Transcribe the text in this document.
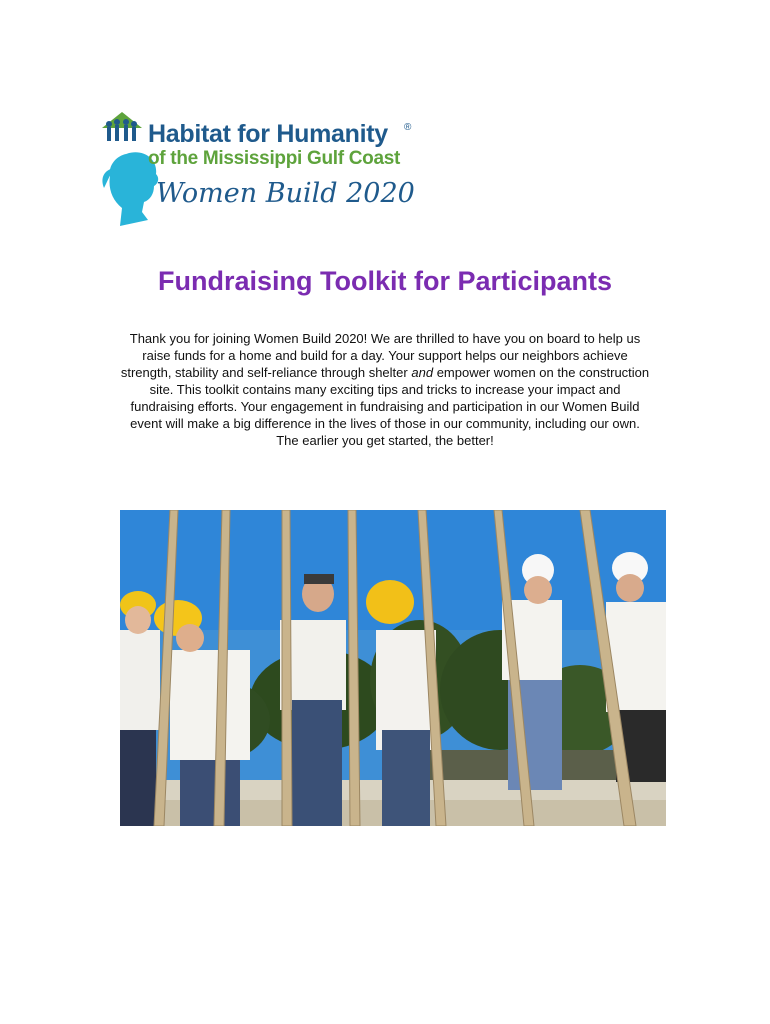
Habitat for Humanity ®
of the Mississippi Gulf Coast
Women Build 2020
Fundraising Toolkit for Participants

Thank you for joining Women Build 2020! We are thrilled to have you on board to help us raise funds for a home and build for a day. Your support helps our neighbors achieve strength, stability and self-reliance through shelter and empower women on the construction site. This toolkit contains many exciting tips and tricks to increase your impact and fundraising efforts. Your engagement in fundraising and participation in our Women Build event will make a big difference in the lives of those in our community, including our own.

The earlier you get started, the better!
